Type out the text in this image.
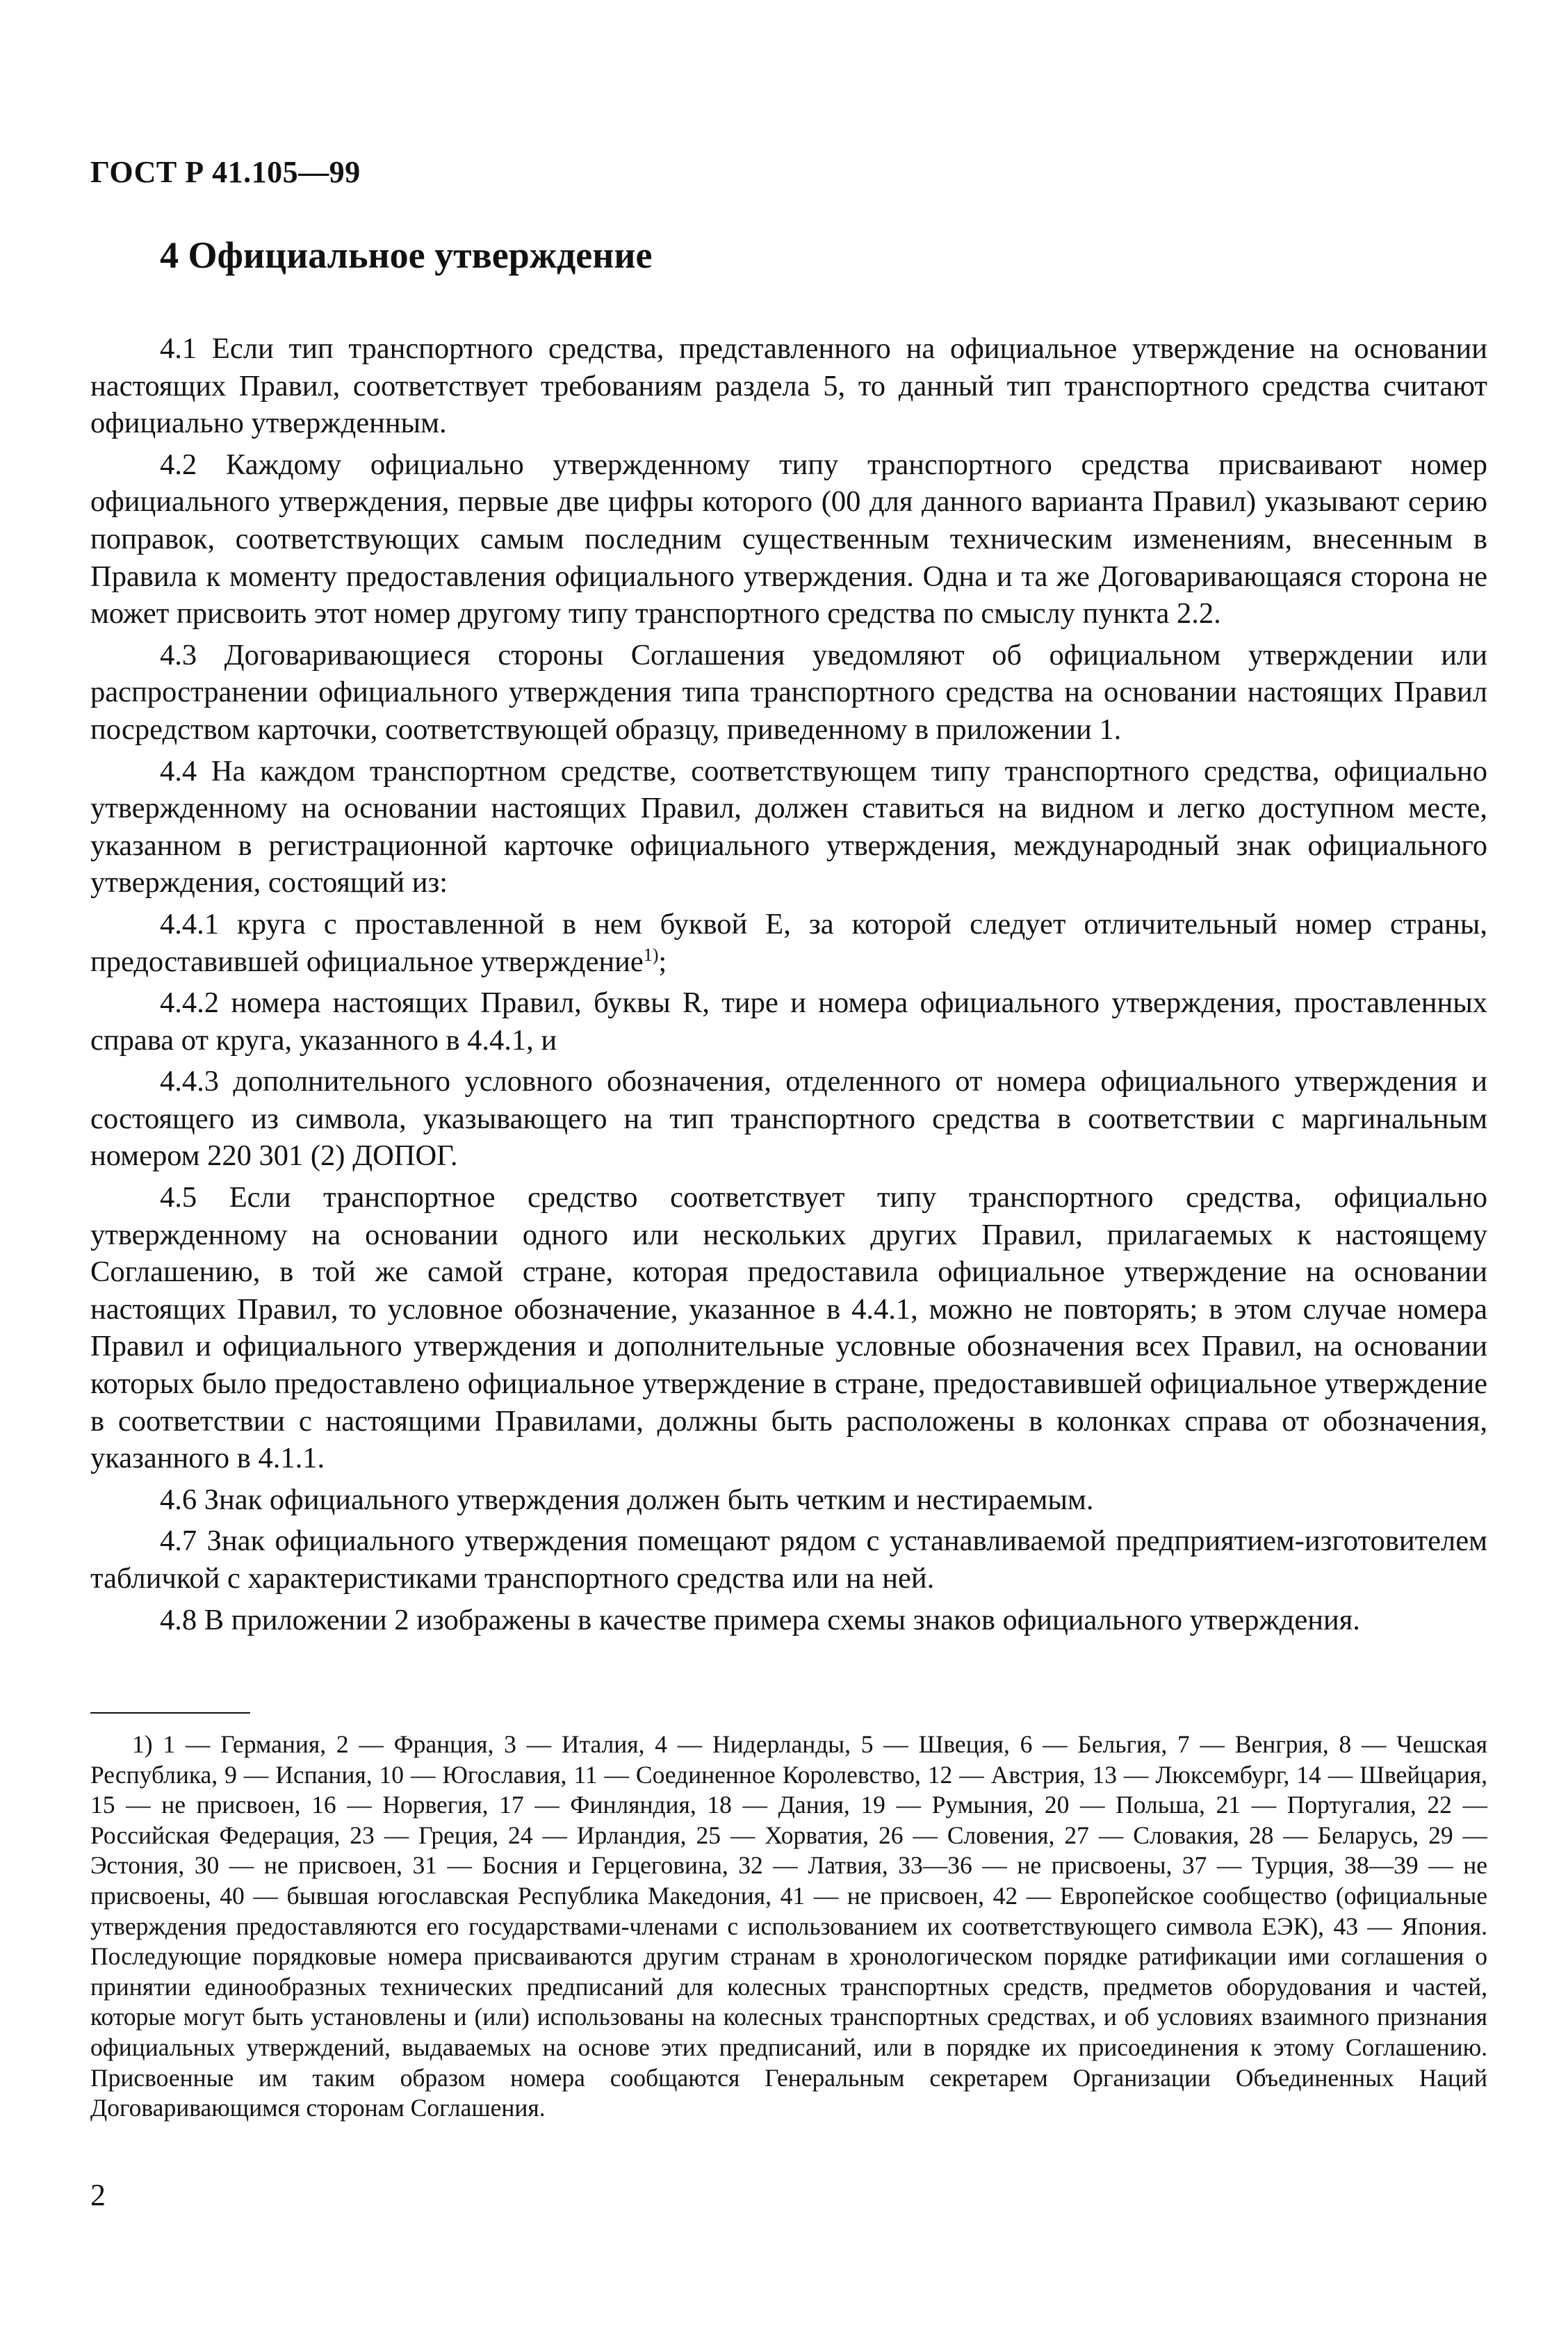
ГОСТ Р 41.105—99
4 Официальное утверждение

4.1 Если тип транспортного средства, представленного на официальное утверждение на основании настоящих Правил, соответствует требованиям раздела 5, то данный тип транспортного средства считают официально утвержденным.

4.2 Каждому официально утвержденному типу транспортного средства присваивают номер официального утверждения, первые две цифры которого (00 для данного варианта Правил) указывают серию поправок, соответствующих самым последним существенным техническим изменениям, внесенным в Правила к моменту предоставления официального утверждения. Одна и та же Договаривающаяся сторона не может присвоить этот номер другому типу транспортного средства по смыслу пункта 2.2.

4.3 Договаривающиеся стороны Соглашения уведомляют об официальном утверждении или распространении официального утверждения типа транспортного средства на основании настоящих Правил посредством карточки, соответствующей образцу, приведенному в приложении 1.

4.4 На каждом транспортном средстве, соответствующем типу транспортного средства, официально утвержденному на основании настоящих Правил, должен ставиться на видном и легко доступном месте, указанном в регистрационной карточке официального утверждения, международный знак официального утверждения, состоящий из:

4.4.1 круга с проставленной в нем буквой E, за которой следует отличительный номер страны, предоставившей официальное утверждение$^{1)}$;

4.4.2 номера настоящих Правил, буквы R, тире и номера официального утверждения, проставленных справа от круга, указанного в 4.4.1, и

4.4.3 дополнительного условного обозначения, отделенного от номера официального утверждения и состоящего из символа, указывающего на тип транспортного средства в соответствии с маргинальным номером 220 301 (2) ДОПОГ.

4.5 Если транспортное средство соответствует типу транспортного средства, официально утвержденному на основании одного или нескольких других Правил, прилагаемых к настоящему Соглашению, в той же самой стране, которая предоставила официальное утверждение на основании настоящих Правил, то условное обозначение, указанное в 4.4.1, можно не повторять; в этом случае номера Правил и официального утверждения и дополнительные условные обозначения всех Правил, на основании которых было предоставлено официальное утверждение в стране, предоставившей официальное утверждение в соответствии с настоящими Правилами, должны быть расположены в колонках справа от обозначения, указанного в 4.1.1.

4.6 Знак официального утверждения должен быть четким и нестираемым.

4.7 Знак официального утверждения помещают рядом с устанавливаемой предприятием-изготовителем табличкой с характеристиками транспортного средства или на ней.

4.8 В приложении 2 изображены в качестве примера схемы знаков официального утверждения.

1) 1 — Германия, 2 — Франция, 3 — Италия, 4 — Нидерланды, 5 — Швеция, 6 — Бельгия, 7 — Венгрия, 8 — Чешская Республика, 9 — Испания, 10 — Югославия, 11 — Соединенное Королевство, 12 — Австрия, 13 — Люксембург, 14 — Швейцария, 15 — не присвоен, 16 — Норвегия, 17 — Финляндия, 18 — Дания, 19 — Румыния, 20 — Польша, 21 — Португалия, 22 — Российская Федерация, 23 — Греция, 24 — Ирландия, 25 — Хорватия, 26 — Словения, 27 — Словакия, 28 — Беларусь, 29 — Эстония, 30 — не присвоен, 31 — Босния и Герцеговина, 32 — Латвия, 33—36 — не присвоены, 37 — Турция, 38—39 — не присвоены, 40 — бывшая югославская Республика Македония, 41 — не присвоен, 42 — Европейское сообщество (официальные утверждения предоставляются его государствами-членами с использованием их соответствующего символа ЕЭК), 43 — Япония. Последующие порядковые номера присваиваются другим странам в хронологическом порядке ратификации ими соглашения о принятии единообразных технических предписаний для колесных транспортных средств, предметов оборудования и частей, которые могут быть установлены и (или) использованы на колесных транспортных средствах, и об условиях взаимного признания официальных утверждений, выдаваемых на основе этих предписаний, или в порядке их присоединения к этому Соглашению. Присвоенные им таким образом номера сообщаются Генеральным секретарем Организации Объединенных Наций Договаривающимся сторонам Соглашения.

2
